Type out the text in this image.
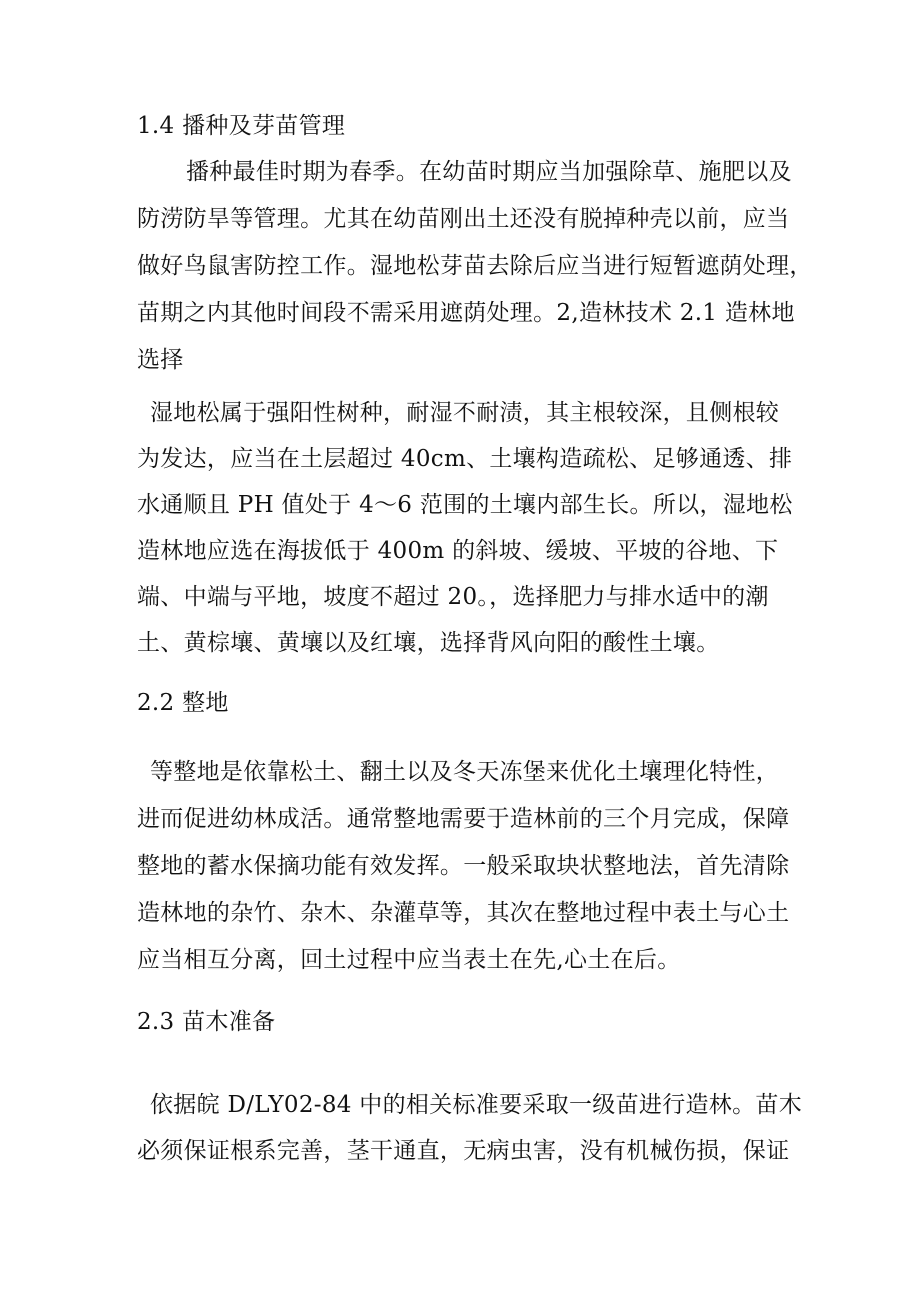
1.4 播种及芽苗管理
播种最佳时期为春季。在幼苗时期应当加强除草、施肥以及
防涝防旱等管理。尤其在幼苗刚出土还没有脱掉种壳以前，应当
做好鸟鼠害防控工作。湿地松芽苗去除后应当进行短暂遮荫处理，
苗期之内其他时间段不需采用遮荫处理。2,造林技术 2.1 造林地
选择
湿地松属于强阳性树种，耐湿不耐渍，其主根较深，且侧根较
为发达，应当在土层超过 40cm、土壤构造疏松、足够通透、排
水通顺且 PH 值处于 4～6 范围的土壤内部生长。所以，湿地松
造林地应选在海拔低于 400m 的斜坡、缓坡、平坡的谷地、下
端、中端与平地，坡度不超过 20。，选择肥力与排水适中的潮
土、黄棕壤、黄壤以及红壤，选择背风向阳的酸性土壤。
2.2 整地
等整地是依靠松土、翻土以及冬天冻堡来优化土壤理化特性，
进而促进幼林成活。通常整地需要于造林前的三个月完成，保障
整地的蓄水保摘功能有效发挥。一般采取块状整地法，首先清除
造林地的杂竹、杂木、杂灌草等，其次在整地过程中表土与心土
应当相互分离，回土过程中应当表土在先,心土在后。
2.3 苗木准备
依据皖 D/LY02-84 中的相关标准要采取一级苗进行造林。苗木
必须保证根系完善，茎干通直，无病虫害，没有机械伤损，保证
